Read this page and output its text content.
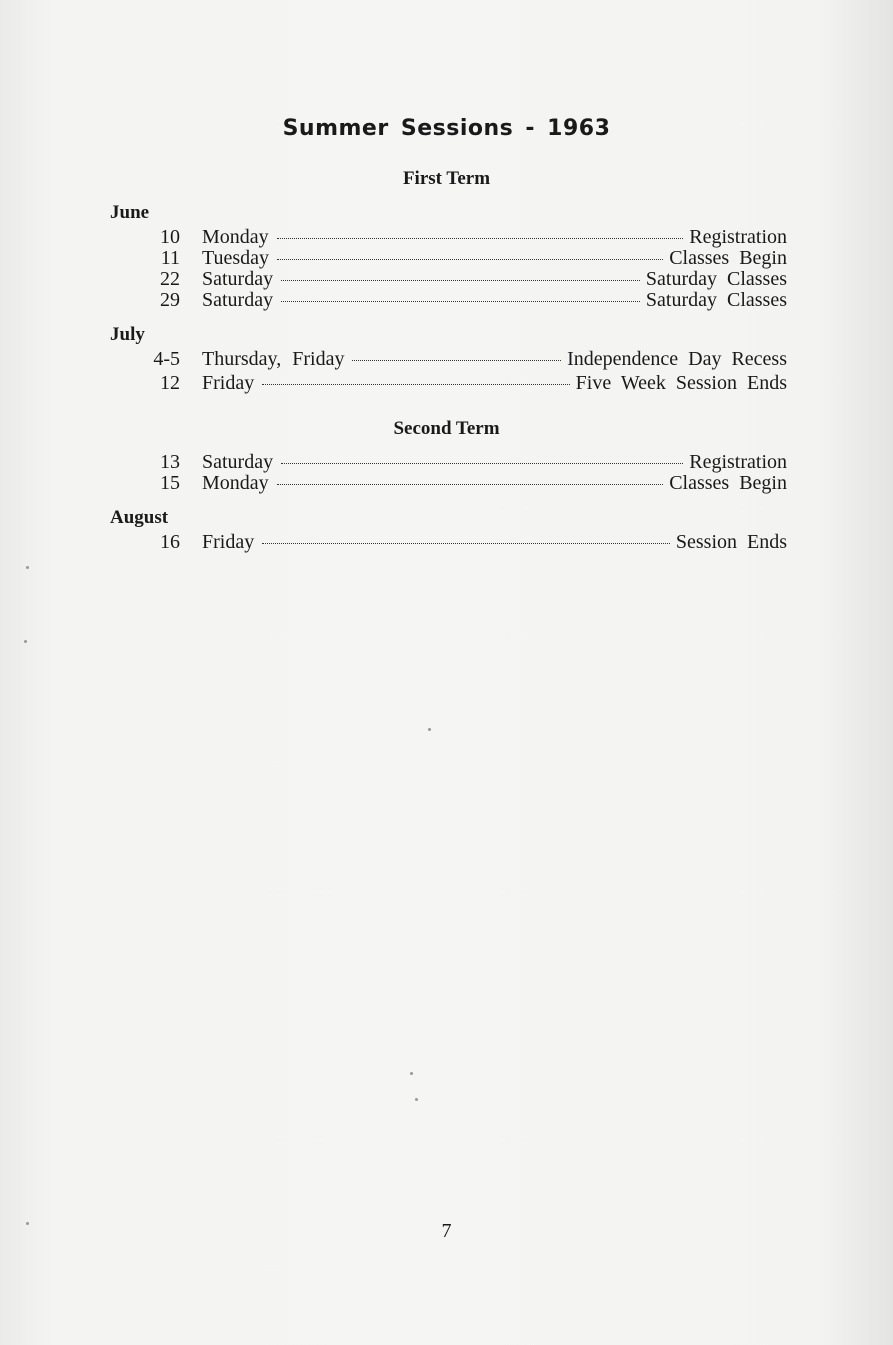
Summer Sessions - 1963
First Term
June
10 Monday	Registration
11 Tuesday	Classes Begin
22 Saturday	Saturday Classes
29 Saturday	Saturday Classes
July
4-5 Thursday, Friday	Independence Day Recess
12 Friday	Five Week Session Ends
Second Term
13 Saturday	Registration
15 Monday	Classes Begin
August
16 Friday	Session Ends
7
